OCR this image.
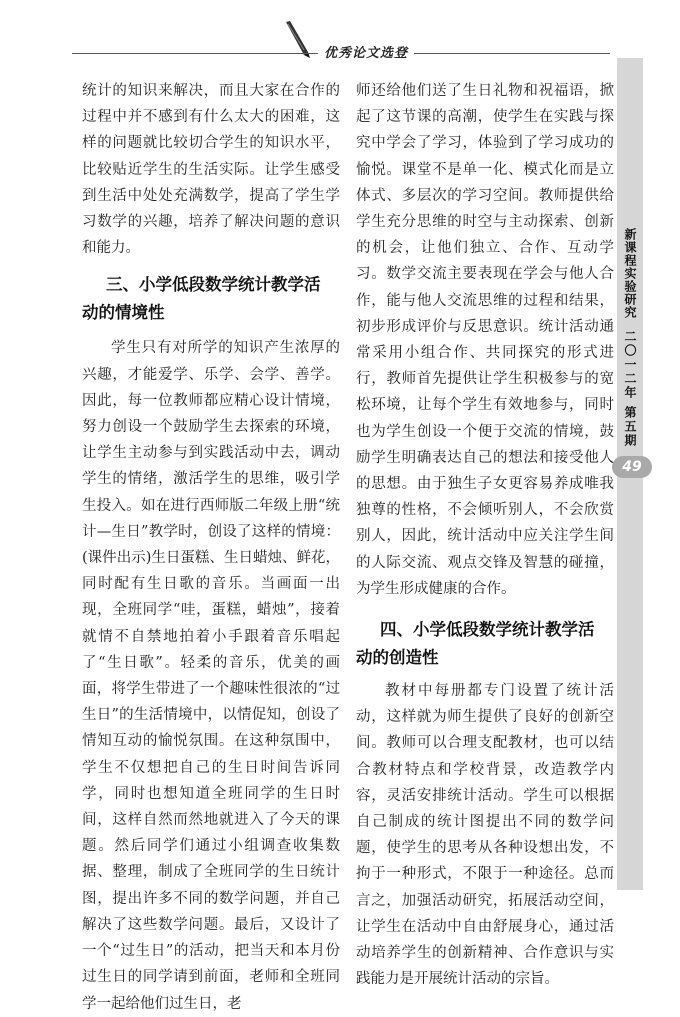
优秀论文选登
新课程实验研究
二〇一二年 第五期
49

统计的知识来解决，而且大家在合作的过程中并不感到有什么太大的困难，这样的问题就比较切合学生的知识水平，比较贴近学生的生活实际。让学生感受到生活中处处充满数学，提高了学生学习数学的兴趣，培养了解决问题的意识和能力。

三、小学低段数学统计教学活
动的情境性

学生只有对所学的知识产生浓厚的兴趣，才能爱学、乐学、会学、善学。因此，每一位教师都应精心设计情境，努力创设一个鼓励学生去探索的环境，让学生主动参与到实践活动中去，调动学生的情绪，激活学生的思维，吸引学生投入。如在进行西师版二年级上册“统计—生日”教学时，创设了这样的情境：(课件出示)生日蛋糕、生日蜡烛、鲜花，同时配有生日歌的音乐。当画面一出现，全班同学“哇，蛋糕，蜡烛”，接着就情不自禁地拍着小手跟着音乐唱起了“生日歌”。轻柔的音乐，优美的画面，将学生带进了一个趣味性很浓的“过生日”的生活情境中，以情促知，创设了情知互动的愉悦氛围。在这种氛围中，学生不仅想把自己的生日时间告诉同学，同时也想知道全班同学的生日时间，这样自然而然地就进入了今天的课题。然后同学们通过小组调查收集数据、整理，制成了全班同学的生日统计图，提出许多不同的数学问题，并自己解决了这些数学问题。最后，又设计了一个“过生日”的活动，把当天和本月份过生日的同学请到前面，老师和全班同学一起给他们过生日，老

师还给他们送了生日礼物和祝福语，掀起了这节课的高潮，使学生在实践与探究中学会了学习，体验到了学习成功的愉悦。课堂不是单一化、模式化而是立体式、多层次的学习空间。教师提供给学生充分思维的时空与主动探索、创新的机会，让他们独立、合作、互动学习。数学交流主要表现在学会与他人合作，能与他人交流思维的过程和结果，初步形成评价与反思意识。统计活动通常采用小组合作、共同探究的形式进行，教师首先提供让学生积极参与的宽松环境，让每个学生有效地参与，同时也为学生创设一个便于交流的情境，鼓励学生明确表达自己的想法和接受他人的思想。由于独生子女更容易养成唯我独尊的性格，不会倾听别人，不会欣赏别人，因此，统计活动中应关注学生间的人际交流、观点交锋及智慧的碰撞，为学生形成健康的合作。

四、小学低段数学统计教学活
动的创造性

教材中每册都专门设置了统计活动，这样就为师生提供了良好的创新空间。教师可以合理支配教材，也可以结合教材特点和学校背景，改造教学内容，灵活安排统计活动。学生可以根据自己制成的统计图提出不同的数学问题，使学生的思考从各种设想出发，不拘于一种形式，不限于一种途径。总而言之，加强活动研究，拓展活动空间，让学生在活动中自由舒展身心，通过活动培养学生的创新精神、合作意识与实践能力是开展统计活动的宗旨。
